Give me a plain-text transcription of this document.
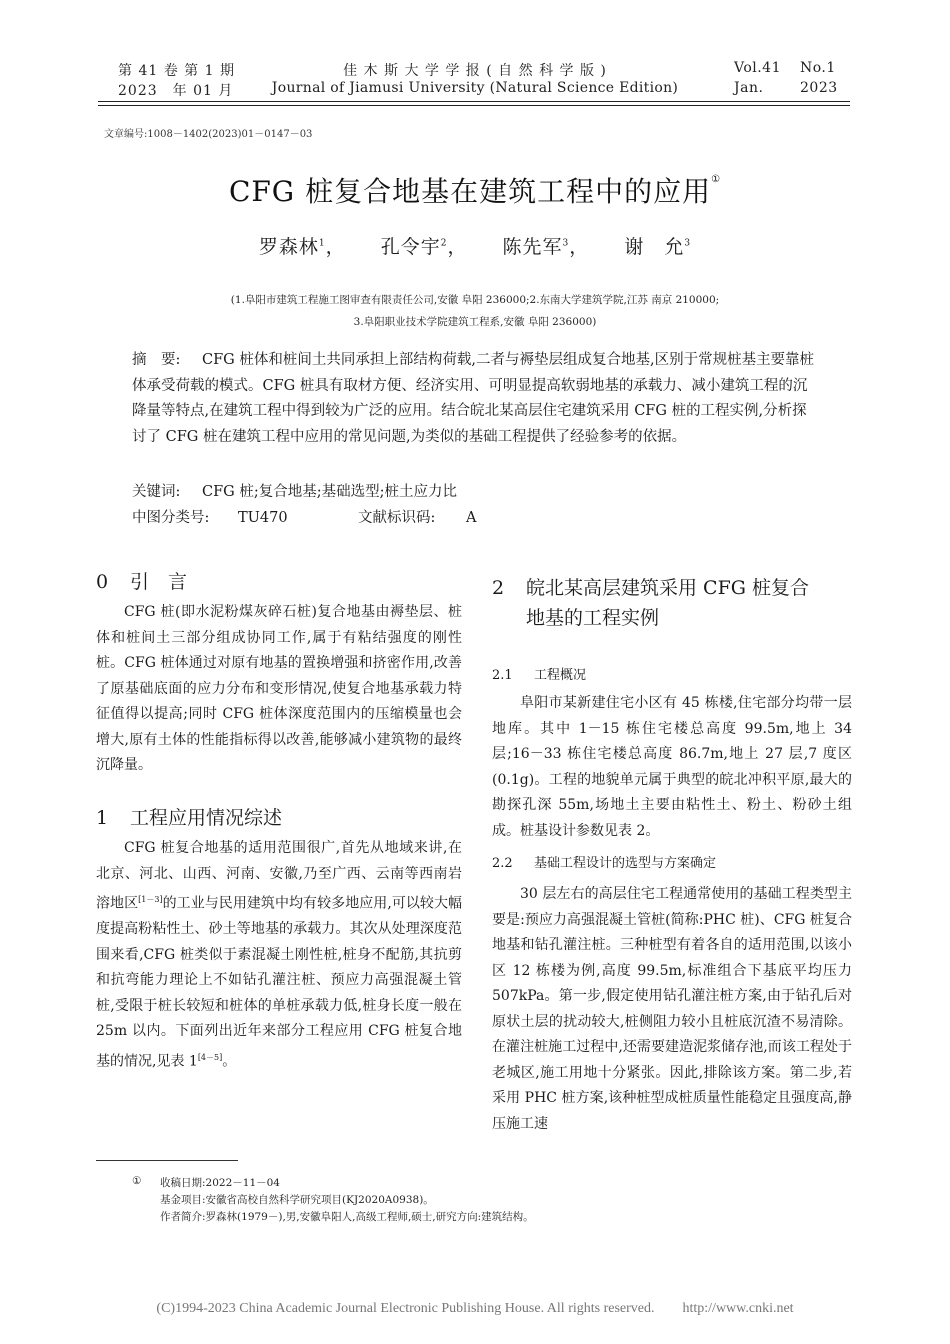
第 41 卷 第 1 期
2023　年 01 月
佳 木 斯 大 学 学 报 ( 自 然 科 学 版 )
Journal of Jiamusi University (Natural Science Edition)
Vol.41 No.1
Jan.	2023
文章编号:1008－1402(2023)01－0147－03
CFG 桩复合地基在建筑工程中的应用①
罗森林$^1$， 孔令宇$^2$， 陈先军$^3$， 谢　允$^3$
(1.阜阳市建筑工程施工图审查有限责任公司,安徽 阜阳 236000;2.东南大学建筑学院,江苏 南京 210000;
3.阜阳职业技术学院建筑工程系,安徽 阜阳 236000)
摘　要: CFG 桩体和桩间土共同承担上部结构荷载,二者与褥垫层组成复合地基,区别于常规桩基主要靠桩体承受荷载的模式。CFG 桩具有取材方便、经济实用、可明显提高软弱地基的承载力、减小建筑工程的沉降量等特点,在建筑工程中得到较为广泛的应用。结合皖北某高层住宅建筑采用 CFG 桩的工程实例,分析探讨了 CFG 桩在建筑工程中应用的常见问题,为类似的基础工程提供了经验参考的依据。
关键词: CFG 桩;复合地基;基础选型;桩土应力比
中图分类号: TU470	文献标识码: A
0 引　言
CFG 桩(即水泥粉煤灰碎石桩)复合地基由褥垫层、桩体和桩间土三部分组成协同工作,属于有粘结强度的刚性桩。CFG 桩体通过对原有地基的置换增强和挤密作用,改善了原基础底面的应力分布和变形情况,使复合地基承载力特征值得以提高;同时 CFG 桩体深度范围内的压缩模量也会增大,原有土体的性能指标得以改善,能够减小建筑物的最终沉降量。
1 工程应用情况综述
CFG 桩复合地基的适用范围很广,首先从地域来讲,在北京、河北、山西、河南、安徽,乃至广西、云南等西南岩溶地区[1－3]的工业与民用建筑中均有较多地应用,可以较大幅度提高粉粘性土、砂土等地基的承载力。其次从处理深度范围来看,CFG 桩类似于素混凝土刚性桩,桩身不配筋,其抗剪和抗弯能力理论上不如钻孔灌注桩、预应力高强混凝土管桩,受限于桩长较短和桩体的单桩承载力低,桩身长度一般在 25m 以内。下面列出近年来部分工程应用 CFG 桩复合地基的情况,见表 1[4－5]。
2 皖北某高层建筑采用 CFG 桩复合
地基的工程实例
2.1 工程概况
阜阳市某新建住宅小区有 45 栋楼,住宅部分均带一层地库。其中 1－15 栋住宅楼总高度 99.5m,地上 34 层;16－33 栋住宅楼总高度 86.7m,地上 27 层,7 度区(0.1g)。工程的地貌单元属于典型的皖北冲积平原,最大的勘探孔深 55m,场地土主要由粘性土、粉土、粉砂土组成。桩基设计参数见表 2。
2.2 基础工程设计的选型与方案确定
30 层左右的高层住宅工程通常使用的基础工程类型主要是:预应力高强混凝土管桩(简称:PHC 桩)、CFG 桩复合地基和钻孔灌注桩。三种桩型有着各自的适用范围,以该小区 12 栋楼为例,高度 99.5m,标准组合下基底平均压力 507kPa。第一步,假定使用钻孔灌注桩方案,由于钻孔后对原状土层的扰动较大,桩侧阻力较小且桩底沉渣不易清除。在灌注桩施工过程中,还需要建造泥浆储存池,而该工程处于老城区,施工用地十分紧张。因此,排除该方案。第二步,若采用 PHC 桩方案,该种桩型成桩质量性能稳定且强度高,静压施工速
① 收稿日期:2022－11－04
基金项目:安徽省高校自然科学研究项目(KJ2020A0938)。
作者简介:罗森林(1979－),男,安徽阜阳人,高级工程师,硕士,研究方向:建筑结构。
(C)1994-2023 China Academic Journal Electronic Publishing House. All rights reserved.　　http://www.cnki.net
